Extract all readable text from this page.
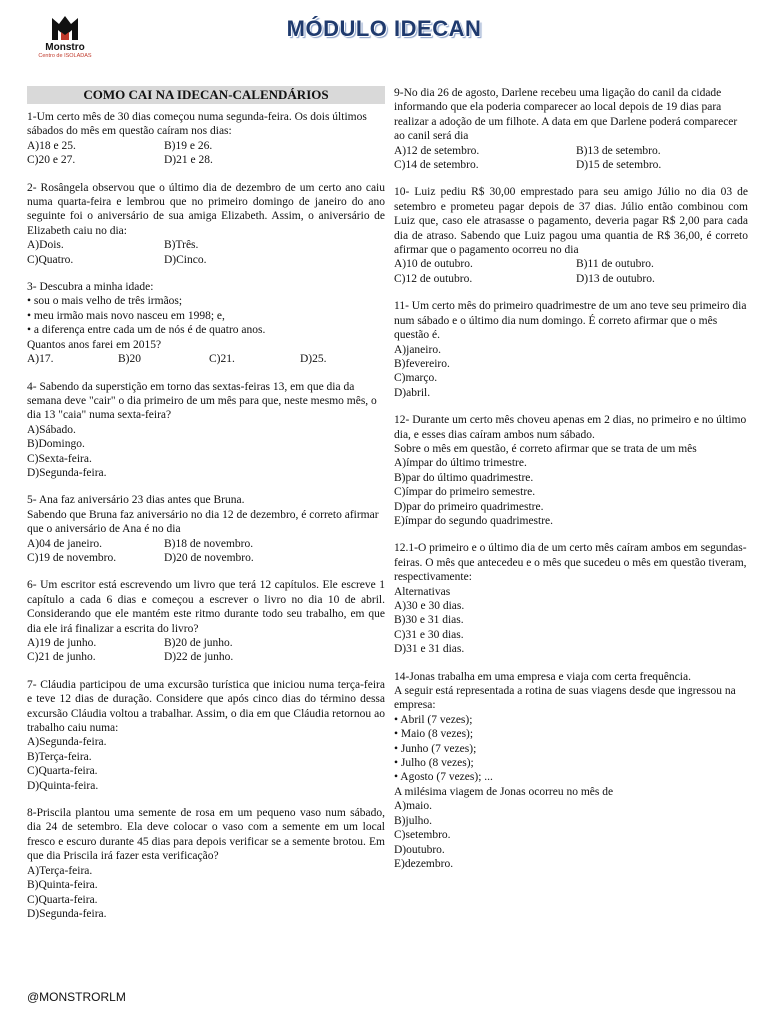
Monstro
Centro de ISOLADAS
MÓDULO IDECAN
COMO CAI NA IDECAN-CALENDÁRIOS

1-Um certo mês de 30 dias começou numa segunda-feira. Os dois últimos sábados do mês em questão caíram nos dias:

A)18 e 25.	B)19 e 26.
C)20 e 27.	D)21 e 28.

2- Rosângela observou que o último dia de dezembro de um certo ano caiu numa quarta-feira e lembrou que no primeiro domingo de janeiro do ano seguinte foi o aniversário de sua amiga Elizabeth. Assim, o aniversário de Elizabeth caiu no dia:

A)Dois.	B)Três.
C)Quatro.	D)Cinco.

3- Descubra a minha idade:

• sou o mais velho de três irmãos;

• meu irmão mais novo nasceu em 1998; e,

• a diferença entre cada um de nós é de quatro anos.

Quantos anos farei em 2015?

A)17.	B)20	C)21.	D)25.

4- Sabendo da superstição em torno das sextas-feiras 13, em que dia da semana deve "cair" o dia primeiro de um mês para que, neste mesmo mês, o dia 13 "caia" numa sexta-feira?

A)Sábado.

B)Domingo.

C)Sexta-feira.

D)Segunda-feira.

5- Ana faz aniversário 23 dias antes que Bruna.

Sabendo que Bruna faz aniversário no dia 12 de dezembro, é correto afirmar que o aniversário de Ana é no dia

A)04 de janeiro.	B)18 de novembro.
C)19 de novembro.	D)20 de novembro.

6- Um escritor está escrevendo um livro que terá 12 capítulos. Ele escreve 1 capítulo a cada 6 dias e começou a escrever o livro no dia 10 de abril. Considerando que ele mantém este ritmo durante todo seu trabalho, em que dia ele irá finalizar a escrita do livro?

A)19 de junho.	B)20 de junho.
C)21 de junho.	D)22 de junho.

7- Cláudia participou de uma excursão turística que iniciou numa terça-feira e teve 12 dias de duração. Considere que após cinco dias do término dessa excursão Cláudia voltou a trabalhar. Assim, o dia em que Cláudia retornou ao trabalho caiu numa:

A)Segunda-feira.

B)Terça-feira.

C)Quarta-feira.

D)Quinta-feira.

8-Priscila plantou uma semente de rosa em um pequeno vaso num sábado, dia 24 de setembro. Ela deve colocar o vaso com a semente em um local fresco e escuro durante 45 dias para depois verificar se a semente brotou. Em que dia Priscila irá fazer esta verificação?

A)Terça-feira.

B)Quinta-feira.

C)Quarta-feira.

D)Segunda-feira.

9-No dia 26 de agosto, Darlene recebeu uma ligação do canil da cidade informando que ela poderia comparecer ao local depois de 19 dias para realizar a adoção de um filhote. A data em que Darlene poderá comparecer ao canil será dia

A)12 de setembro.	B)13 de setembro.
C)14 de setembro.	D)15 de setembro.

10- Luiz pediu R$ 30,00 emprestado para seu amigo Júlio no dia 03 de setembro e prometeu pagar depois de 37 dias. Júlio então combinou com Luiz que, caso ele atrasasse o pagamento, deveria pagar R$ 2,00 para cada dia de atraso. Sabendo que Luiz pagou uma quantia de R$ 36,00, é correto afirmar que o pagamento ocorreu no dia

A)10 de outubro.	B)11 de outubro.
C)12 de outubro.	D)13 de outubro.

11- Um certo mês do primeiro quadrimestre de um ano teve seu primeiro dia num sábado e o último dia num domingo. É correto afirmar que o mês questão é.

A)janeiro.

B)fevereiro.

C)março.

D)abril.

12- Durante um certo mês choveu apenas em 2 dias, no primeiro e no último dia, e esses dias caíram ambos num sábado.

Sobre o mês em questão, é correto afirmar que se trata de um mês

A)ímpar do último trimestre.

B)par do último quadrimestre.

C)ímpar do primeiro semestre.

D)par do primeiro quadrimestre.

E)ímpar do segundo quadrimestre.

12.1-O primeiro e o último dia de um certo mês caíram ambos em segundas-feiras. O mês que antecedeu e o mês que sucedeu o mês em questão tiveram, respectivamente:

Alternativas

A)30 e 30 dias.

B)30 e 31 dias.

C)31 e 30 dias.

D)31 e 31 dias.

14-Jonas trabalha em uma empresa e viaja com certa frequência.

A seguir está representada a rotina de suas viagens desde que ingressou na empresa:

• Abril (7 vezes);

• Maio (8 vezes);

• Junho (7 vezes);

• Julho (8 vezes);

• Agosto (7 vezes); ...

A milésima viagem de Jonas ocorreu no mês de

A)maio.

B)julho.

C)setembro.

D)outubro.

E)dezembro.

@MONSTRORLM
